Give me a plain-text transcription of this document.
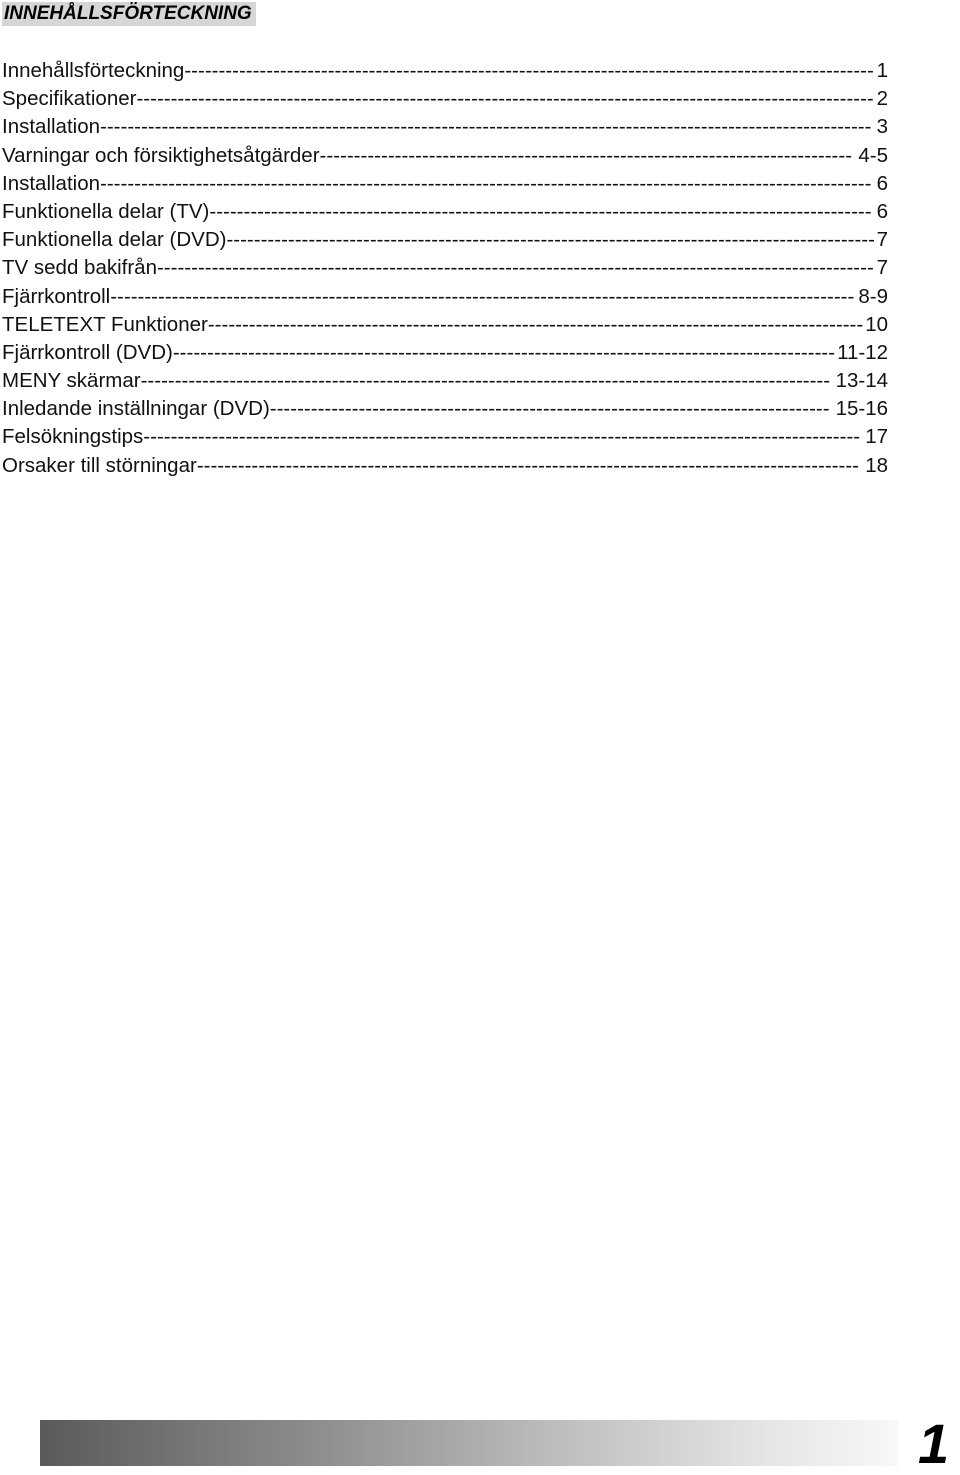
INNEHÅLLSFÖRTECKNING
-----------------------------------------------------------------------------------------------------
Innehållsförteckning	1
------------------------------------------------------------------------------------------------------------
Specifikationer	2
-----------------------------------------------------------------------------------------------------------------
Installation	3
------------------------------------------------------------------------------
Varningar och försiktighetsåtgärder	4-5
-----------------------------------------------------------------------------------------------------------------
Installation	6
-------------------------------------------------------------------------------------------------
Funktionella delar (TV)	6
-----------------------------------------------------------------------------------------------
Funktionella delar (DVD)	7
---------------------------------------------------------------------------------------------------------
TV sedd bakifrån	7
-------------------------------------------------------------------------------------------------------------
Fjärrkontroll	8-9
------------------------------------------------------------------------------------------------
TELETEXT Funktioner	10
-------------------------------------------------------------------------------------------------
Fjärrkontroll (DVD)	11-12
-----------------------------------------------------------------------------------------------------
MENY skärmar	13-14
----------------------------------------------------------------------------------
Inledande inställningar (DVD)	15-16
---------------------------------------------------------------------------------------------------------
Felsökningstips	17
-------------------------------------------------------------------------------------------------
Orsaker till störningar	18
1
